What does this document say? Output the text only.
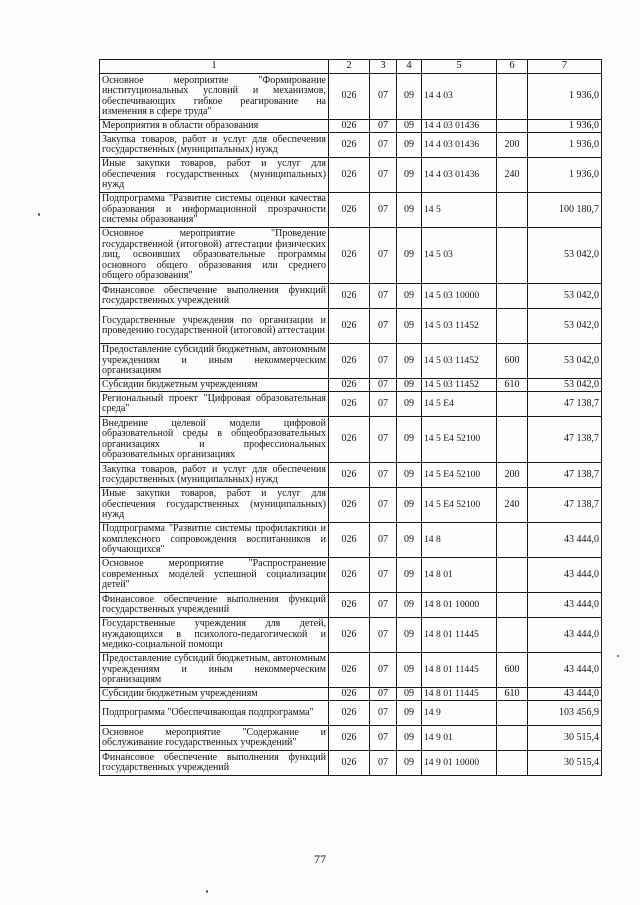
1	2	3	4	5	6	7
Основное мероприятие "Формирование институциональных условий и механизмов, обеспечивающих гибкое реагирование на изменения в сфере труда"	026	07	09	14 4 03		1 936,0
Мероприятия в области образования	026	07	09	14 4 03 01436		1 936,0
Закупка товаров, работ и услуг для обеспечения государственных (муниципальных) нужд	026	07	09	14 4 03 01436	200	1 936,0
Иные закупки товаров, работ и услуг для обеспечения государственных (муниципальных) нужд	026	07	09	14 4 03 01436	240	1 936,0
Подпрограмма "Развитие системы оценки качества образования и информационной прозрачности системы образования"	026	07	09	14 5		100 180,7
Основное мероприятие "Проведение государственной (итоговой) аттестации физических лиц, освоивших образовательные программы основного общего образования или среднего общего образования"	026	07	09	14 5 03		53 042,0
Финансовое обеспечение выполнения функций государственных учреждений	026	07	09	14 5 03 10000		53 042,0
Государственные учреждения по организации и проведению государственной (итоговой) аттестации	026	07	09	14 5 03 11452		53 042,0
Предоставление субсидий бюджетным, автономным учреждениям и иным некоммерческим организациям	026	07	09	14 5 03 11452	600	53 042,0
Субсидии бюджетным учреждениям	026	07	09	14 5 03 11452	610	53 042,0
Региональный проект "Цифровая образовательная среда"	026	07	09	14 5 E4		47 138,7
Внедрение целевой модели цифровой образовательной среды в общеобразовательных организациях и профессиональных образовательных организациях	026	07	09	14 5 E4 52100		47 138,7
Закупка товаров, работ и услуг для обеспечения государственных (муниципальных) нужд	026	07	09	14 5 E4 52100	200	47 138,7
Иные закупки товаров, работ и услуг для обеспечения государственных (муниципальных) нужд	026	07	09	14 5 E4 52100	240	47 138,7
Подпрограмма "Развитие системы профилактики и комплексного сопровождения воспитанников и обучающихся"	026	07	09	14 8		43 444,0
Основное мероприятие "Распространение современных моделей успешной социализации детей"	026	07	09	14 8 01		43 444,0
Финансовое обеспечение выполнения функций государственных учреждений	026	07	09	14 8 01 10000		43 444,0
Государственные учреждения для детей, нуждающихся в психолого-педагогической и медико-социальной помощи	026	07	09	14 8 01 11445		43 444,0
Предоставление субсидий бюджетным, автономным учреждениям и иным некоммерческим организациям	026	07	09	14 8 01 11445	600	43 444,0
Субсидии бюджетным учреждениям	026	07	09	14 8 01 11445	610	43 444,0
Подпрограмма "Обеспечивающая подпрограмма"	026	07	09	14 9		103 456,9
Основное мероприятие "Содержание и обслуживание государственных учреждений"	026	07	09	14 9 01		30 515,4
Финансовое обеспечение выполнения функций государственных учреждений	026	07	09	14 9 01 10000		30 515,4
77
